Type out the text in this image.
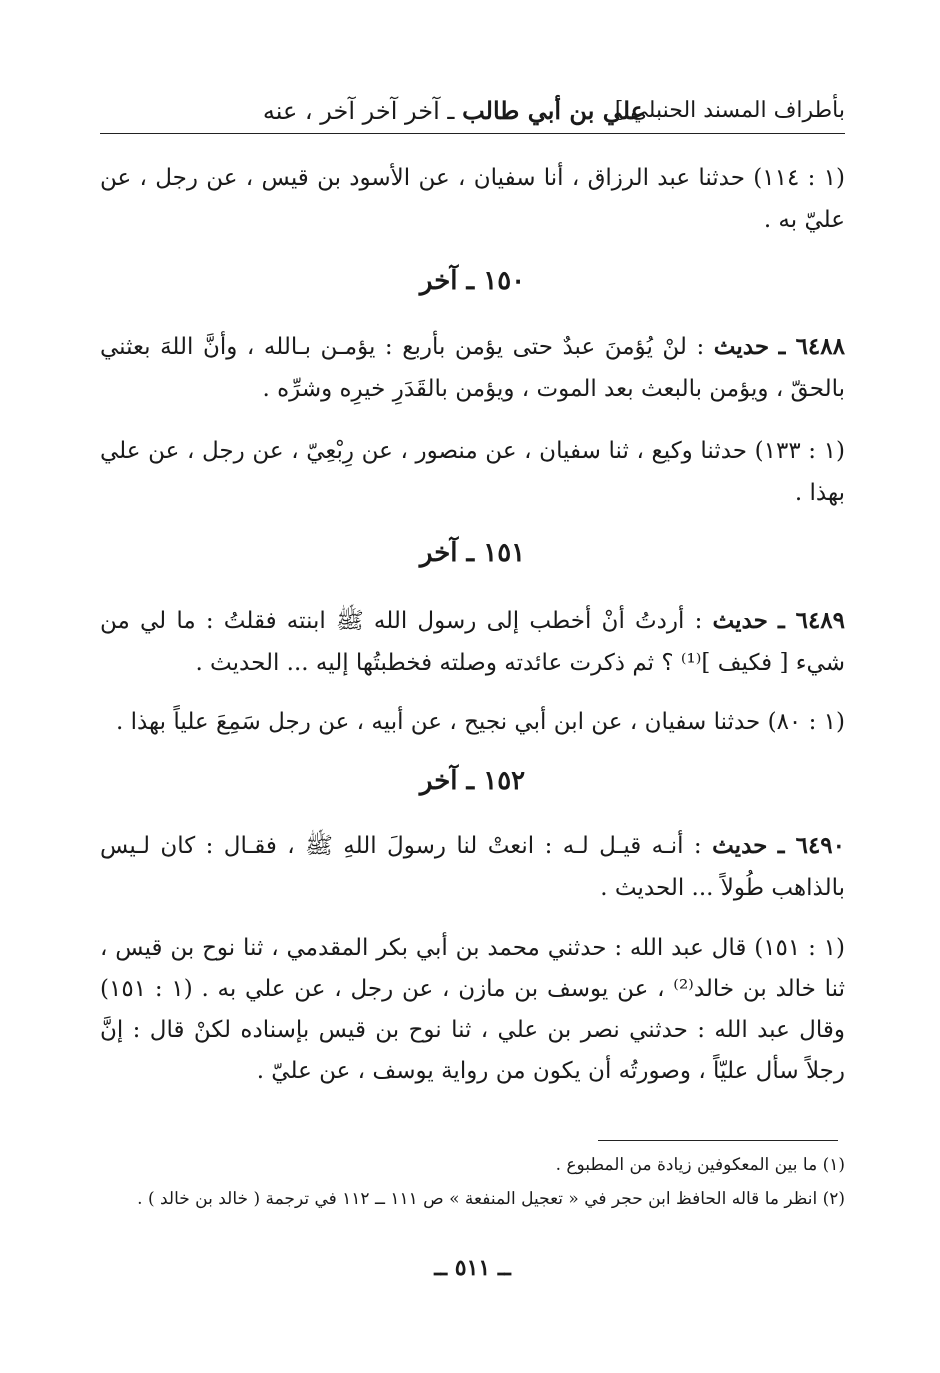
بأطراف المسند الحنبلي ]
علي بن أبي طالب ـ آخر آخر آخر ، عنه
(١ : ١١٤) حدثنا عبد الرزاق ، أنا سفيان ، عن الأسود بن قيس ، عن رجل ، عن عليّ به .
١٥٠ ـ آخر
٦٤٨٨ ـ حديث : لنْ يُؤمنَ عبدٌ حتى يؤمن بأربع : يؤمـن بـالله ، وأنَّ اللهَ بعثني بالحقّ ، ويؤمن بالبعث بعد الموت ، ويؤمن بالقَدَرِ خيرِه وشرِّه .
(١ : ١٣٣) حدثنا وكيع ، ثنا سفيان ، عن منصور ، عن رِبْعِيّ ، عن رجل ، عن علي بهذا .
١٥١ ـ آخر
٦٤٨٩ ـ حديث : أردتُ أنْ أخطب إلى رسول الله ﷺ ابنته فقلتُ : ما لي من شيء [ فكيف ]⁽¹⁾ ؟ ثم ذكرت عائدته وصلته فخطبتُها إليه ... الحديث .
(١ : ٨٠) حدثنا سفيان ، عن ابن أبي نجيح ، عن أبيه ، عن رجل سَمِعَ علياً بهذا .
١٥٢ ـ آخر
٦٤٩٠ ـ حديث : أنـه قيـل لـه : انعتْ لنا رسولَ اللهِ ﷺ ، فقـال : كان لـيس بالذاهب طُولاً ... الحديث .
(١ : ١٥١) قال عبد الله : حدثني محمد بن أبي بكر المقدمي ، ثنا نوح بن قيس ، ثنا خالد بن خالد⁽²⁾ ، عن يوسف بن مازن ، عن رجل ، عن علي به . (١ : ١٥١) وقال عبد الله : حدثني نصر بن علي ، ثنا نوح بن قيس بإسناده لكنْ قال : إنَّ رجلاً سأل عليّاً ، وصورتُه أن يكون من رواية يوسف ، عن عليّ .
(١) ما بين المعكوفين زيادة من المطبوع .
(٢) انظر ما قاله الحافظ ابن حجر في « تعجيل المنفعة » ص ١١١ ــ ١١٢ في ترجمة ( خالد بن خالد ) .
ــ ٥١١ ــ
